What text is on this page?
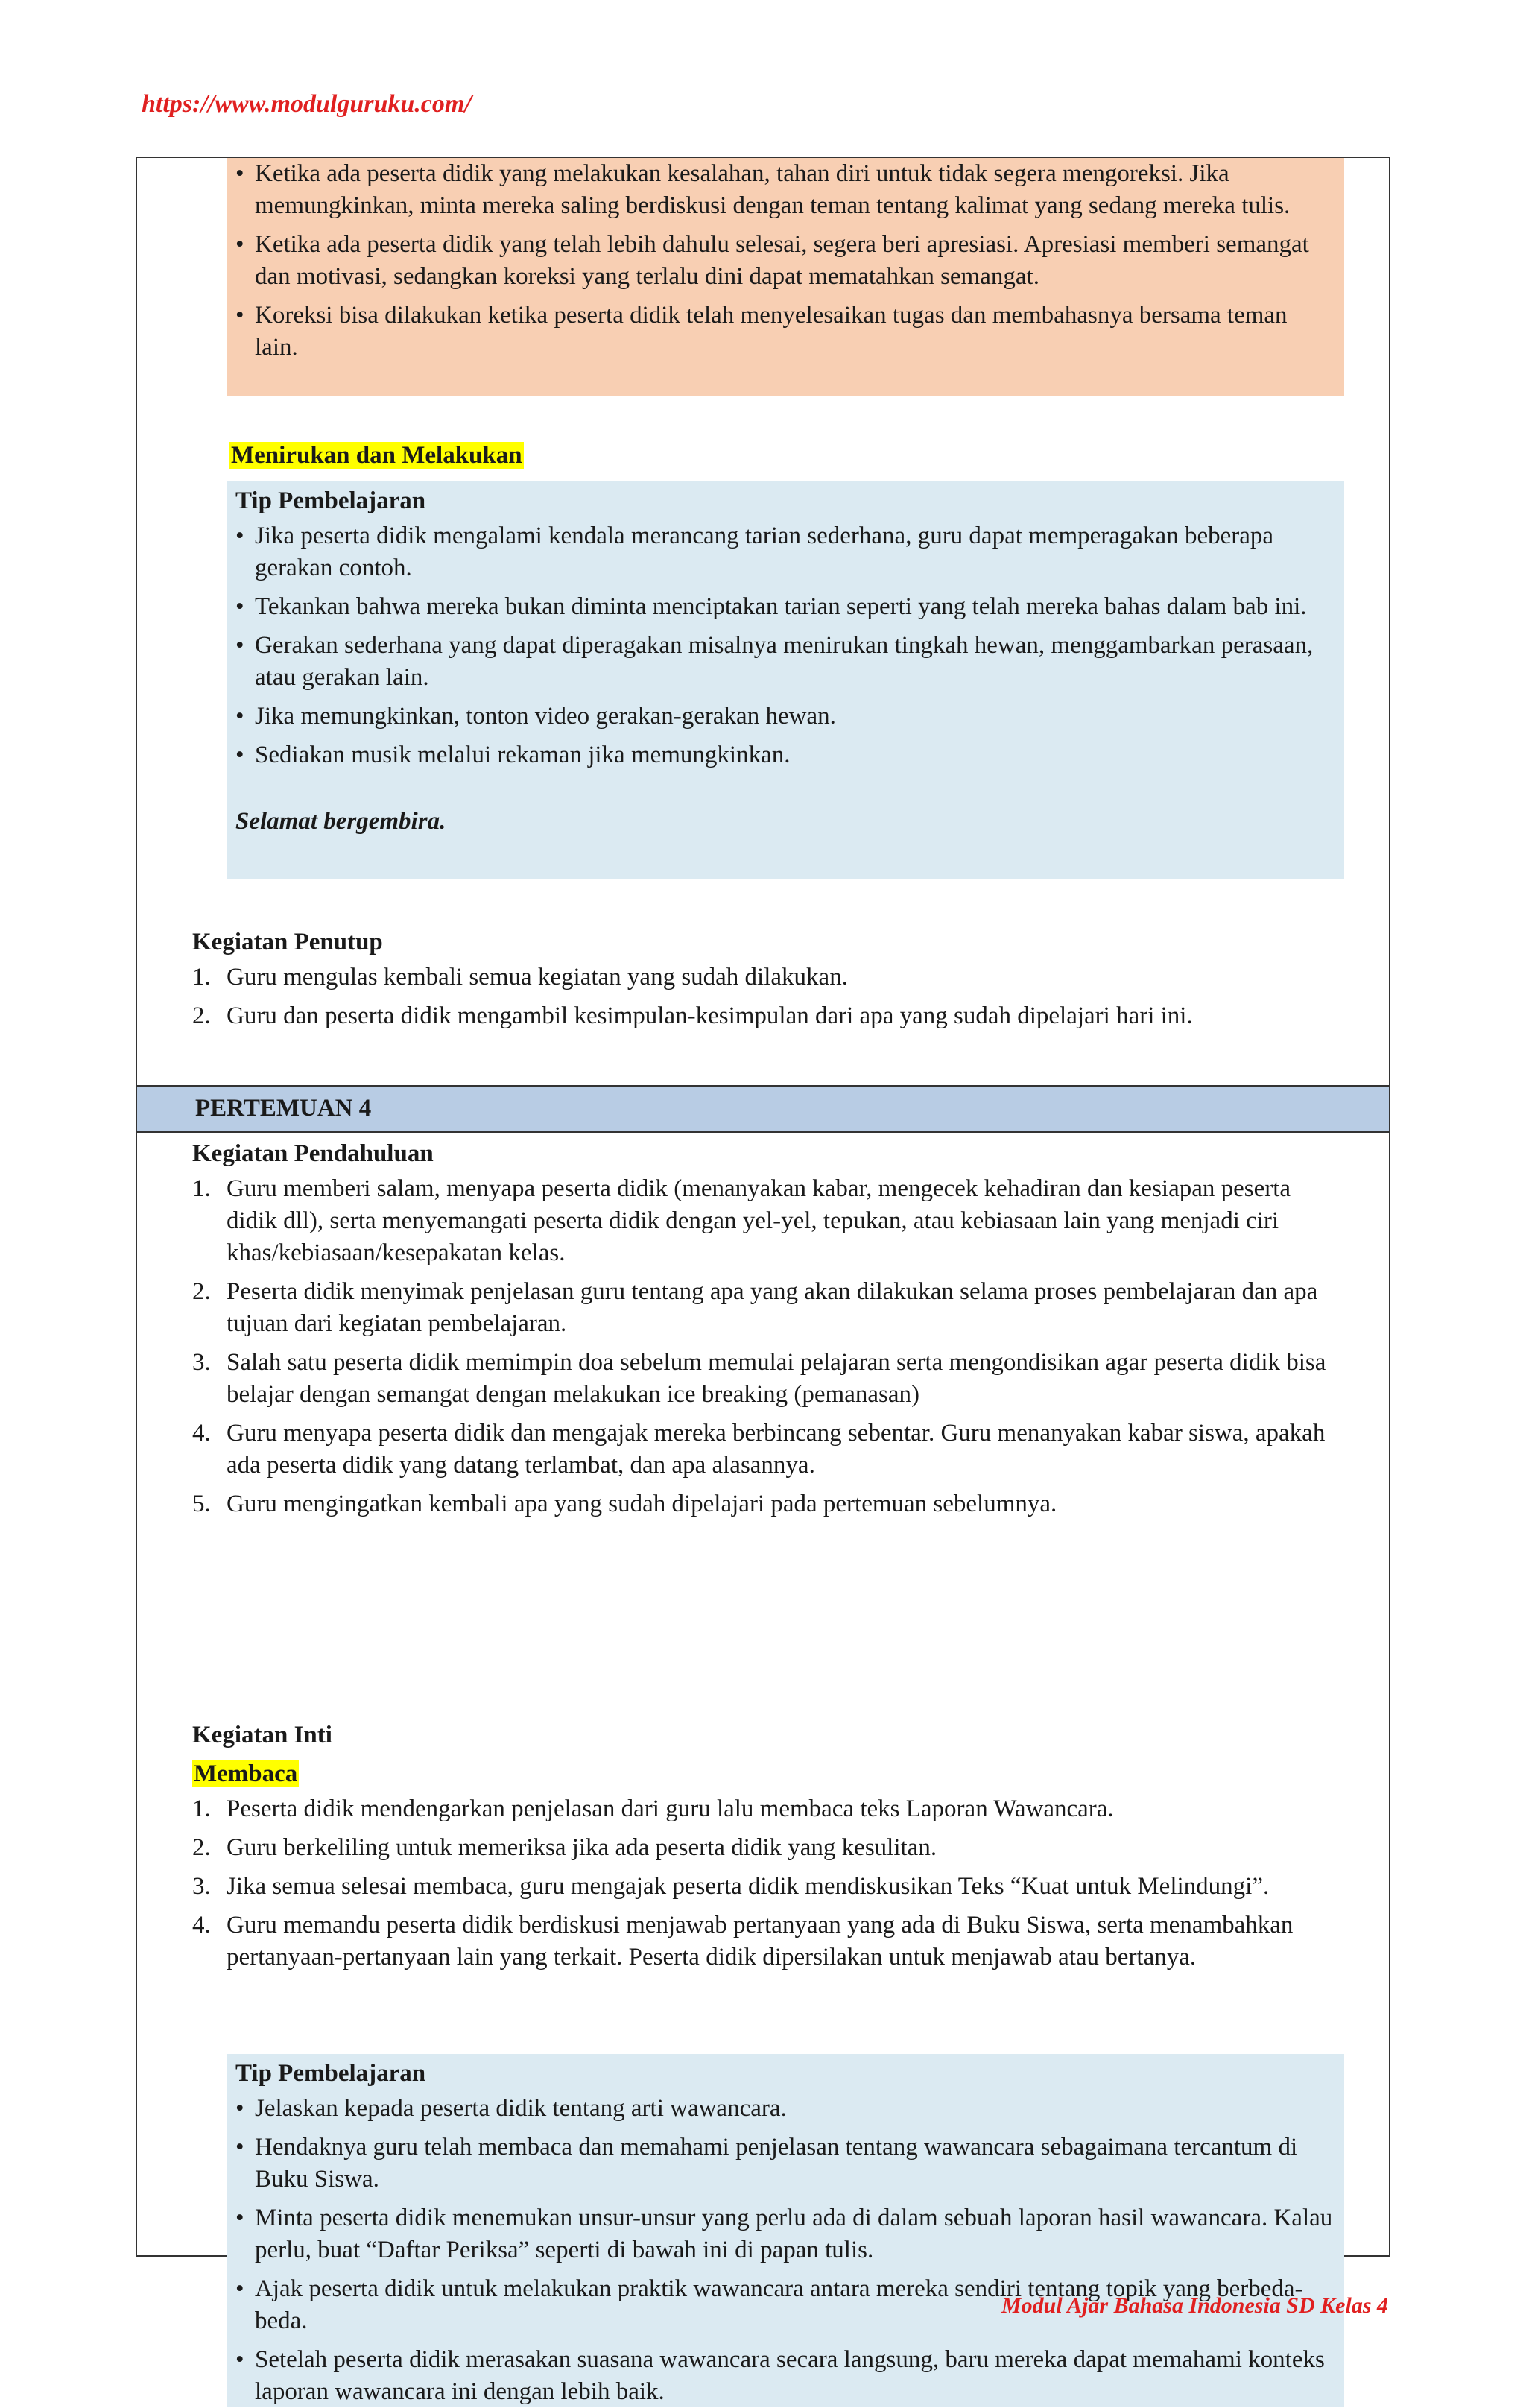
https://www.modulguruku.com/
• Ketika ada peserta didik yang melakukan kesalahan, tahan diri untuk tidak segera mengoreksi. Jika memungkinkan, minta mereka saling berdiskusi dengan teman tentang kalimat yang sedang mereka tulis.
• Ketika ada peserta didik yang telah lebih dahulu selesai, segera beri apresiasi. Apresiasi memberi semangat dan motivasi, sedangkan koreksi yang terlalu dini dapat mematahkan semangat.
• Koreksi bisa dilakukan ketika peserta didik telah menyelesaikan tugas dan membahasnya bersama teman lain.
Menirukan dan Melakukan

Tip Pembelajaran

• Jika peserta didik mengalami kendala merancang tarian sederhana, guru dapat memperagakan beberapa gerakan contoh.
• Tekankan bahwa mereka bukan diminta menciptakan tarian seperti yang telah mereka bahas dalam bab ini.
• Gerakan sederhana yang dapat diperagakan misalnya menirukan tingkah hewan, menggambarkan perasaan, atau gerakan lain.
• Jika memungkinkan, tonton video gerakan-gerakan hewan.
• Sediakan musik melalui rekaman jika memungkinkan.
Selamat bergembira.

Kegiatan Penutup

1. Guru mengulas kembali semua kegiatan yang sudah dilakukan.
2. Guru dan peserta didik mengambil kesimpulan-kesimpulan dari apa yang sudah dipelajari hari ini.
PERTEMUAN 4

Kegiatan Pendahuluan

1. Guru memberi salam, menyapa peserta didik (menanyakan kabar, mengecek kehadiran dan kesiapan peserta didik dll), serta menyemangati peserta didik dengan yel-yel, tepukan, atau kebiasaan lain yang menjadi ciri khas/kebiasaan/kesepakatan kelas.
2. Peserta didik menyimak penjelasan guru tentang apa yang akan dilakukan selama proses pembelajaran dan apa tujuan dari kegiatan pembelajaran.
3. Salah satu peserta didik memimpin doa sebelum memulai pelajaran serta mengondisikan agar peserta didik bisa belajar dengan semangat dengan melakukan ice breaking (pemanasan)
4. Guru menyapa peserta didik dan mengajak mereka berbincang sebentar. Guru menanyakan kabar siswa, apakah ada peserta didik yang datang terlambat, dan apa alasannya.
5. Guru mengingatkan kembali apa yang sudah dipelajari pada pertemuan sebelumnya.

Kegiatan Inti

Membaca
1. Peserta didik mendengarkan penjelasan dari guru lalu membaca teks Laporan Wawancara.
2. Guru berkeliling untuk memeriksa jika ada peserta didik yang kesulitan.
3. Jika semua selesai membaca, guru mengajak peserta didik mendiskusikan Teks “Kuat untuk Melindungi”.
4. Guru memandu peserta didik berdiskusi menjawab pertanyaan yang ada di Buku Siswa, serta menambahkan pertanyaan-pertanyaan lain yang terkait. Peserta didik dipersilakan untuk menjawab atau bertanya.

Tip Pembelajaran

• Jelaskan kepada peserta didik tentang arti wawancara.
• Hendaknya guru telah membaca dan memahami penjelasan tentang wawancara sebagaimana tercantum di Buku Siswa.
• Minta peserta didik menemukan unsur-unsur yang perlu ada di dalam sebuah laporan hasil wawancara. Kalau perlu, buat “Daftar Periksa” seperti di bawah ini di papan tulis.
• Ajak peserta didik untuk melakukan praktik wawancara antara mereka sendiri tentang topik yang berbeda-beda.
• Setelah peserta didik merasakan suasana wawancara secara langsung, baru mereka dapat memahami konteks laporan wawancara ini dengan lebih baik.
Modul Ajar Bahasa Indonesia SD Kelas 4
